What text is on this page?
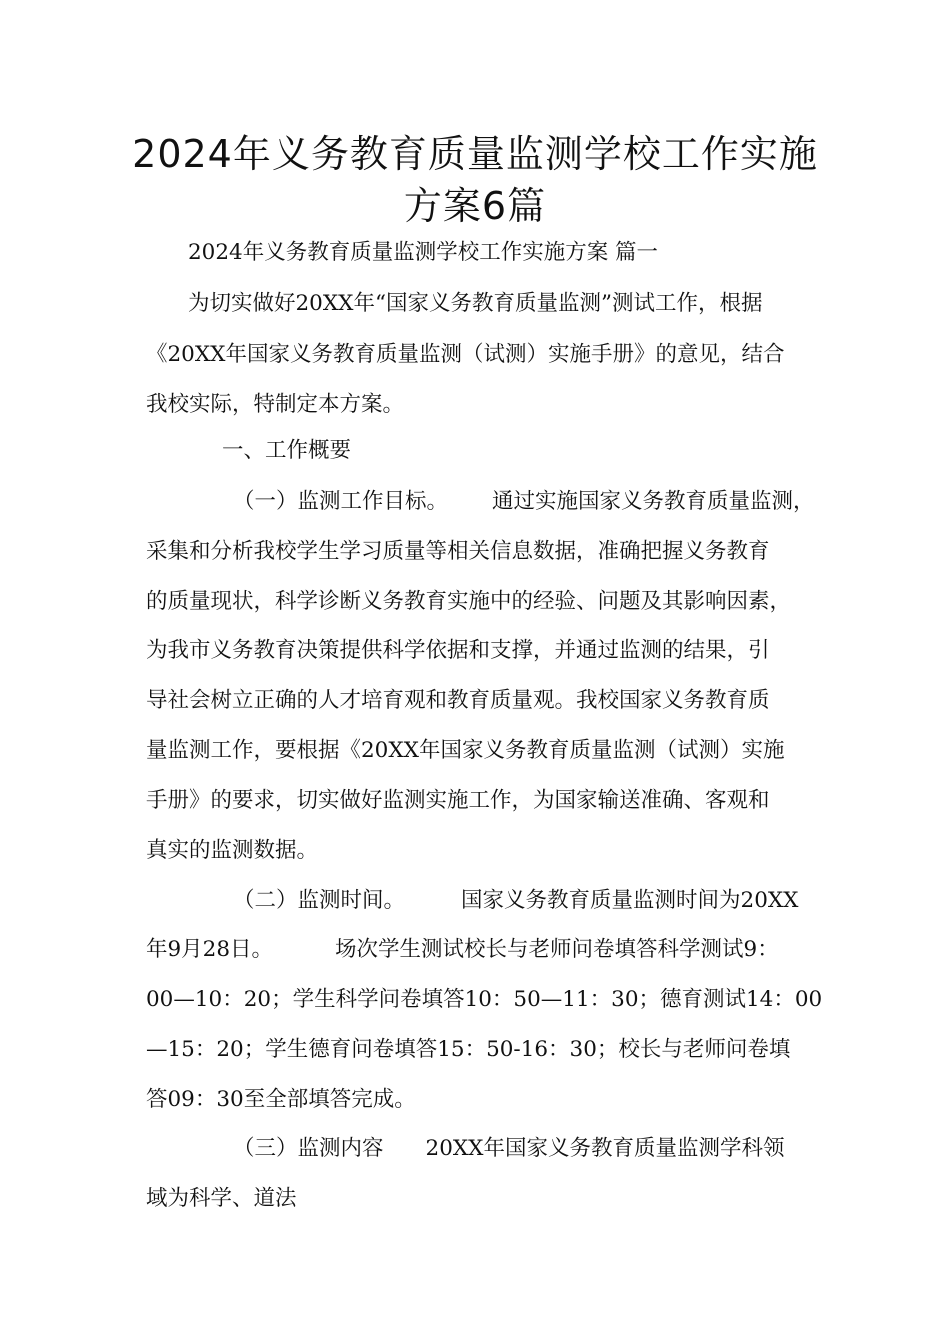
2024年义务教育质量监测学校工作实施
方案6篇

2024年义务教育质量监测学校工作实施方案 篇一

为切实做好20XX年“国家义务教育质量监测”测试工作，根据

《20XX年国家义务教育质量监测（试测）实施手册》的意见，结合

我校实际，特制定本方案。

一、工作概要

（一）监测工作目标。 通过实施国家义务教育质量监测，

采集和分析我校学生学习质量等相关信息数据，准确把握义务教育

的质量现状，科学诊断义务教育实施中的经验、问题及其影响因素，

为我市义务教育决策提供科学依据和支撑，并通过监测的结果，引

导社会树立正确的人才培育观和教育质量观。我校国家义务教育质

量监测工作，要根据《20XX年国家义务教育质量监测（试测）实施

手册》的要求，切实做好监测实施工作，为国家输送准确、客观和

真实的监测数据。

（二）监测时间。	国家义务教育质量监测时间为20XX

年9月28日。	场次学生测试校长与老师问卷填答科学测试9：

00—10：20；学生科学问卷填答10：50—11：30；德育测试14：00

—15：20；学生德育问卷填答15：50-16：30；校长与老师问卷填

答09：30至全部填答完成。

（三）监测内容 20XX年国家义务教育质量监测学科领

域为科学、道法
